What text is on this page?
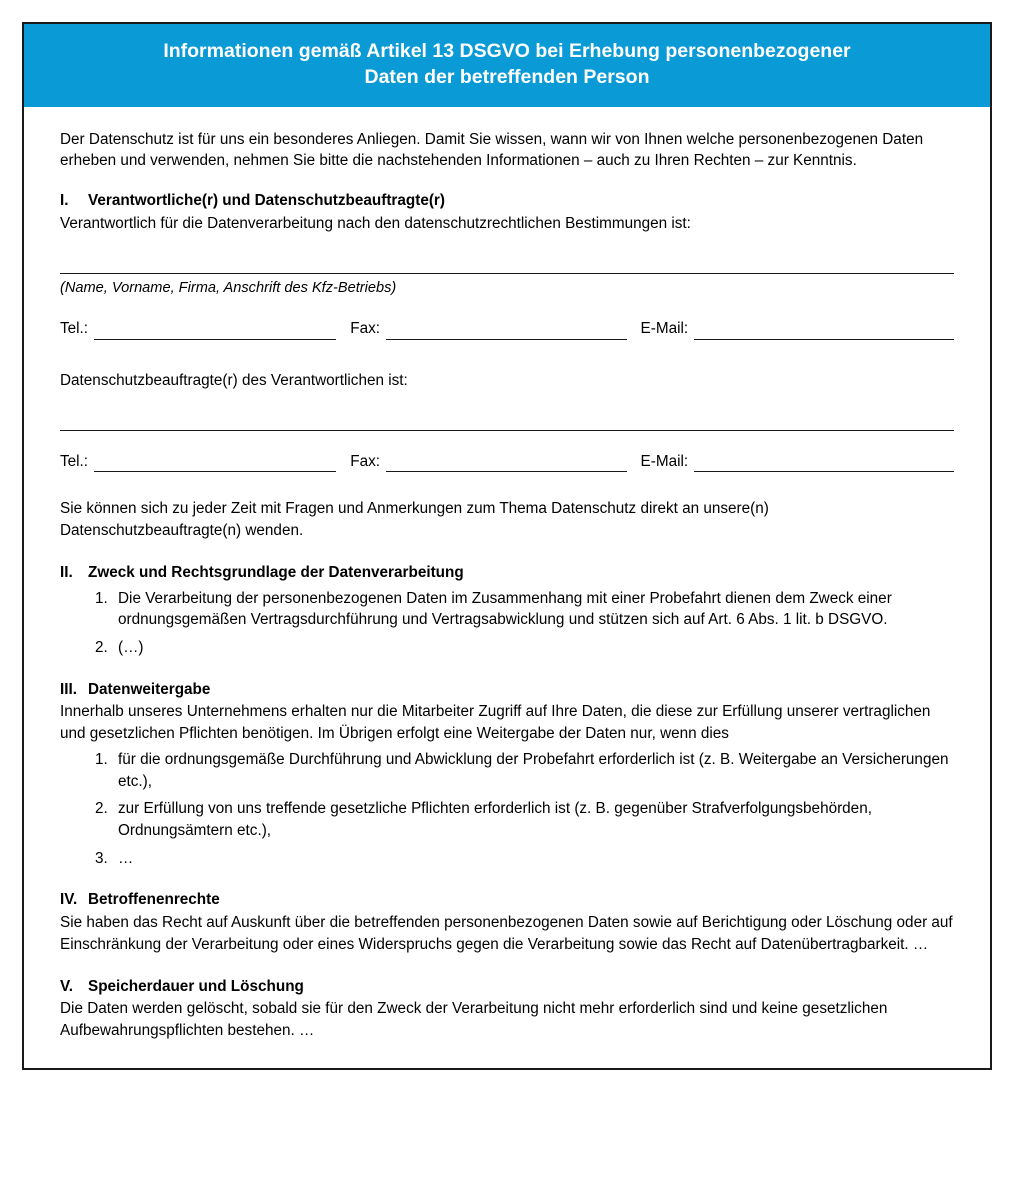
Informationen gemäß Artikel 13 DSGVO bei Erhebung personenbezogener
Daten der betreffenden Person

Der Datenschutz ist für uns ein besonderes Anliegen. Damit Sie wissen, wann wir von Ihnen welche personenbezogenen Daten erheben und verwenden, nehmen Sie bitte die nachstehenden Informationen – auch zu Ihren Rechten – zur Kenntnis.

I.	Verantwortliche(r) und Datenschutzbeauftragte(r)

Verantwortlich für die Datenverarbeitung nach den datenschutzrechtlichen Bestimmungen ist:

(Name, Vorname, Firma, Anschrift des Kfz-Betriebs)

Tel.:	Fax:	E-Mail:

Datenschutzbeauftragte(r) des Verantwortlichen ist:

Tel.:	Fax:	E-Mail:

Sie können sich zu jeder Zeit mit Fragen und Anmerkungen zum Thema Datenschutz direkt an unsere(n) Datenschutzbeauftragte(n) wenden.

II. Zweck und Rechtsgrundlage der Datenverarbeitung
1. Die Verarbeitung der personenbezogenen Daten im Zusammenhang mit einer Probefahrt dienen dem Zweck einer ordnungsgemäßen Vertragsdurchführung und Vertragsabwicklung und stützen sich auf Art. 6 Abs. 1 lit. b DSGVO.
2. (…)
III. Datenweitergabe

Innerhalb unseres Unternehmens erhalten nur die Mitarbeiter Zugriff auf Ihre Daten, die diese zur Erfüllung unserer vertraglichen und gesetzlichen Pflichten benötigen. Im Übrigen erfolgt eine Weitergabe der Daten nur, wenn dies

1. für die ordnungsgemäße Durchführung und Abwicklung der Probefahrt erforderlich ist (z. B. Weitergabe an Versicherungen etc.),
2. zur Erfüllung von uns treffende gesetzliche Pflichten erforderlich ist (z. B. gegenüber Strafverfolgungsbehörden, Ordnungsämtern etc.),
3. …
IV. Betroffenenrechte

Sie haben das Recht auf Auskunft über die betreffenden personenbezogenen Daten sowie auf Berichtigung oder Löschung oder auf Einschränkung der Verarbeitung oder eines Widerspruchs gegen die Verarbeitung sowie das Recht auf Datenübertragbarkeit. …

V. Speicherdauer und Löschung

Die Daten werden gelöscht, sobald sie für den Zweck der Verarbeitung nicht mehr erforderlich sind und keine gesetzlichen Aufbewahrungspflichten bestehen. …
